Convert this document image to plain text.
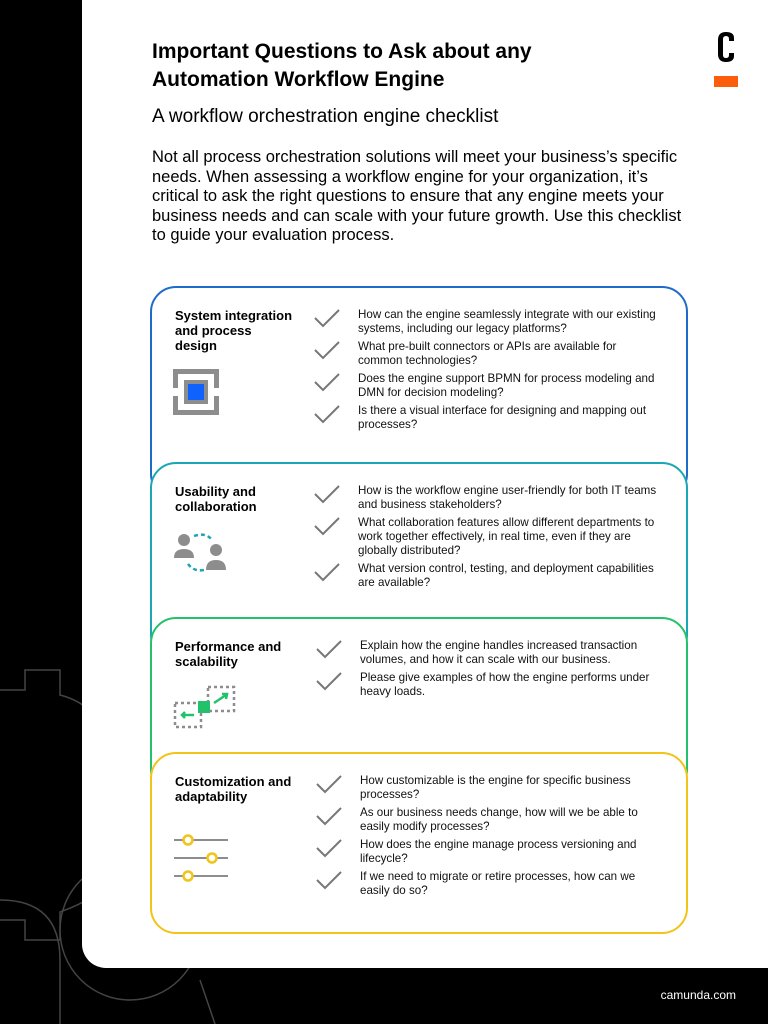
Important Questions to Ask about any Automation Workflow Engine
A workflow orchestration engine checklist
Not all process orchestration solutions will meet your business’s specific needs. When assessing a workflow engine for your organization, it’s critical to ask the right questions to ensure that any engine meets your business needs and can scale with your future growth. Use this checklist to guide your evaluation process.
System integration and process design
How can the engine seamlessly integrate with our existing systems, including our legacy platforms?
What pre-built connectors or APIs are available for common technologies?
Does the engine support BPMN for process modeling and DMN for decision modeling?
Is there a visual interface for designing and mapping out processes?
Usability and collaboration
How is the workflow engine user-friendly for both IT teams and business stakeholders?
What collaboration features allow different departments to work together effectively, in real time, even if they are globally distributed?
What version control, testing, and deployment capabilities are available?
Performance and scalability
Explain how the engine handles increased transaction volumes, and how it can scale with our business.
Please give examples of how the engine performs under heavy loads.
Customization and adaptability
How customizable is the engine for specific business processes?
As our business needs change, how will we be able to easily modify processes?
How does the engine manage process versioning and lifecycle?
If we need to migrate or retire processes, how can we easily do so?
camunda.com
